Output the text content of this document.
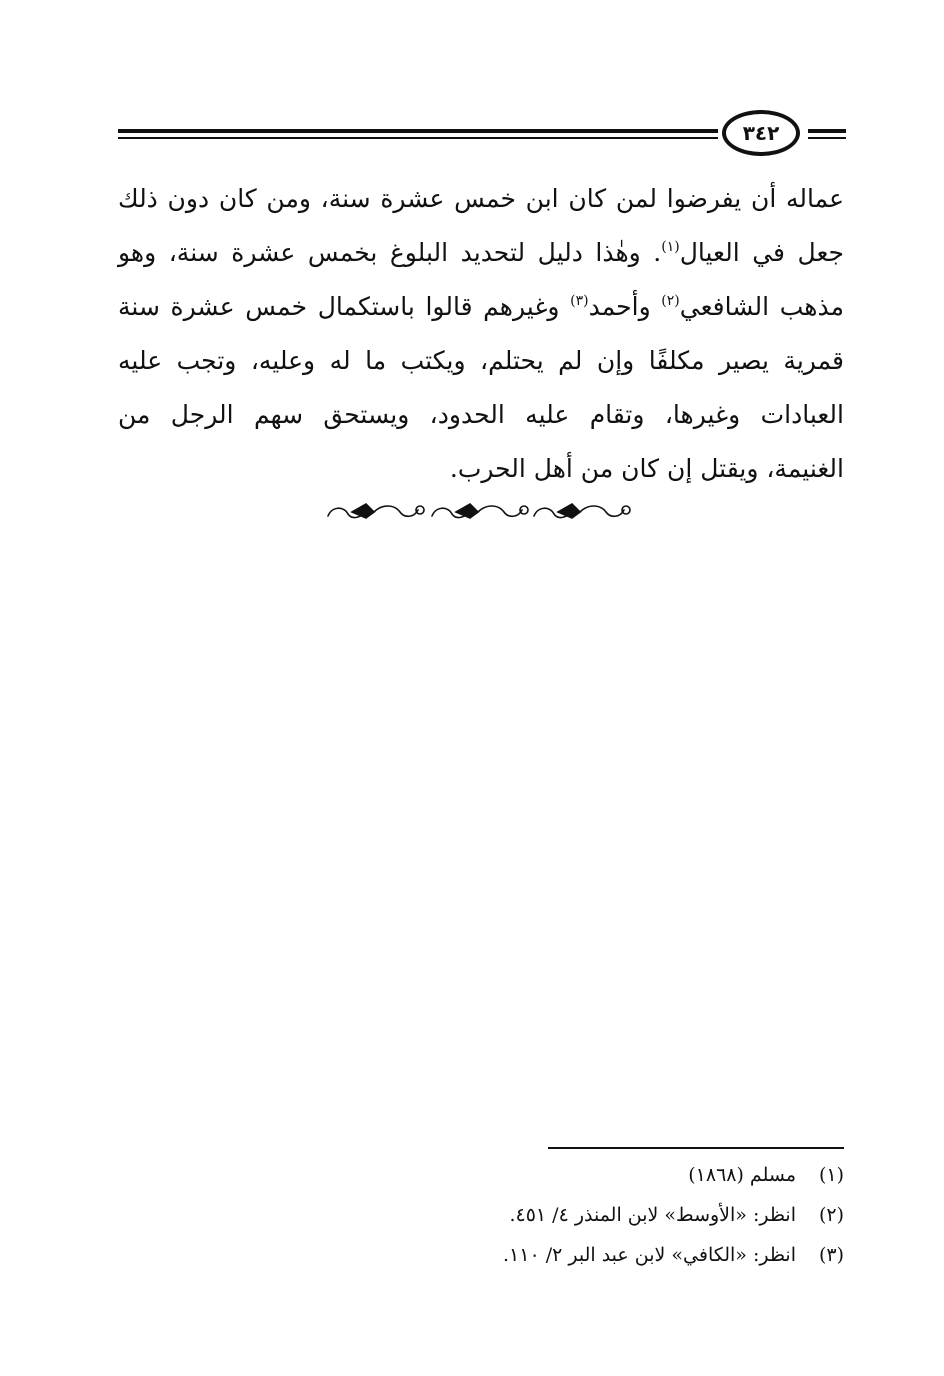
٣٤٢
عماله أن يفرضوا لمن كان ابن خمس عشرة سنة، ومن كان دون ذلك
جعل في العيال$^{(١)}$. وهٰذا دليل لتحديد البلوغ بخمس عشرة سنة، وهو
مذهب الشافعي$^{(٢)}$ وأحمد$^{(٣)}$ وغيرهم قالوا باستكمال خمس عشرة سنة
قمرية يصير مكلفًا وإن لم يحتلم، ويكتب ما له وعليه، وتجب عليه
العبادات وغيرها، وتقام عليه الحدود، ويستحق سهم الرجل من
الغنيمة، ويقتل إن كان من أهل الحرب.
(١)
مسلم (١٨٦٨)
(٢)
انظر: «الأوسط» لابن المنذر ٤/ ٤٥١.
(٣)
انظر: «الكافي» لابن عبد البر ٢/ ١١٠.
